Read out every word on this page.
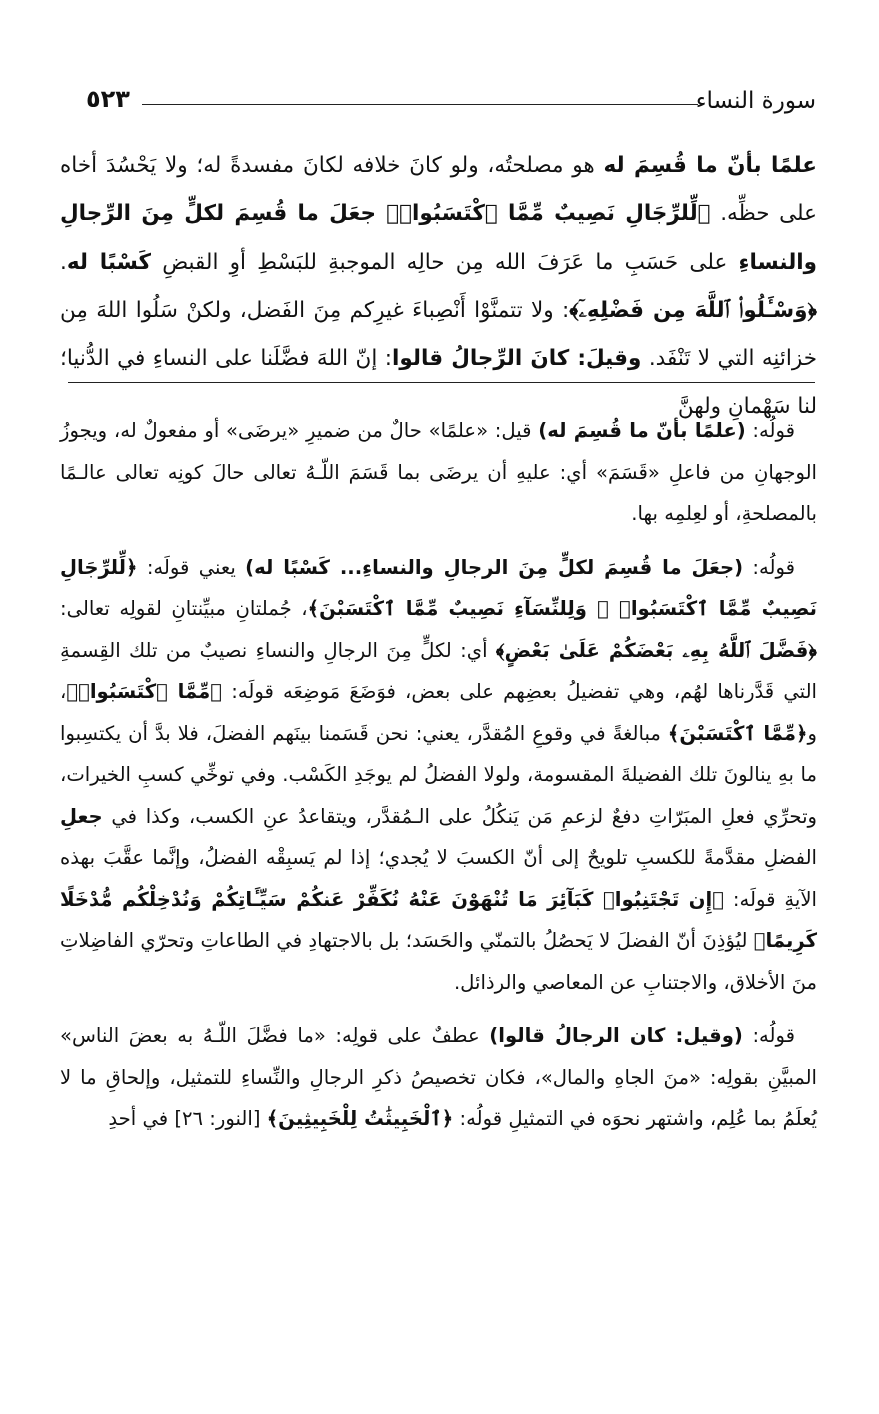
سورة النساء
٥٢٣

علمًا بأنّ ما قُسِمَ له هو مصلحتُه، ولو كانَ خلافه لكانَ مفسدةً له؛ ولا يَحْسُدَ أخاه على حظِّه. ﴿لِّلرِّجَالِ نَصِيبٌ مِّمَّا ٱكْتَسَبُوا۟﴾ جعَلَ ما قُسِمَ لكلٍّ مِنَ الرِّجالِ والنساءِ على حَسَبِ ما عَرَفَ الله مِن حالِه الموجبةِ للبَسْطِ أوِ القبضِ كَسْبًا له. ﴿وَسْـَٔلُوا۟ ٱللَّهَ مِن فَضْلِهِۦٓ﴾: ولا تتمنَّوْا أَنْصِباءَ غيرِكم مِنَ الفَضل، ولكنْ سَلُوا اللهَ مِن خزائنِه التي لا تَنْفَد. وقيلَ: كانَ الرِّجالُ قالوا: إنّ اللهَ فضَّلَنا على النساءِ في الدُّنيا؛ لنا سَهْمانِ ولهنَّ

قولُه: (علمًا بأنّ ما قُسِمَ له) قيل: «علمًا» حالٌ من ضميرِ «يرضَى» أو مفعولٌ له، ويجوزُ الوجهانِ من فاعلِ «قَسَمَ» أي: عليهِ أن يرضَى بما قَسَمَ اللّـهُ تعالى حالَ كونِه تعالى عالـمًا بالمصلحةِ، أو لعِلمِه بها.

قولُه: (جعَلَ ما قُسِمَ لكلٍّ مِنَ الرجالِ والنساءِ... كَسْبًا له) يعني قولَه: ﴿لِّلرِّجَالِ نَصِيبٌ مِّمَّا ٱكْتَسَبُوا۟ ۖ وَلِلنِّسَآءِ نَصِيبٌ مِّمَّا ٱكْتَسَبْنَ﴾، جُملتانِ مبيِّنتانِ لقولِه تعالى: ﴿فَضَّلَ ٱللَّهُ بِهِۦ بَعْضَكُمْ عَلَىٰ بَعْضٍ﴾ أي: لكلٍّ مِنَ الرجالِ والنساءِ نصيبٌ من تلك القِسمةِ التي قَدَّرناها لهُم، وهي تفضيلُ بعضِهم على بعض، فوَضَعَ مَوضِعَه قولَه: ﴿مِّمَّا ٱكْتَسَبُوا۟﴾، و﴿مِّمَّا ٱكْتَسَبْنَ﴾ مبالغةً في وقوعِ المُقدَّر، يعني: نحن قَسَمنا بينَهم الفضلَ، فلا بدَّ أن يكتسِبوا ما بهِ ينالونَ تلك الفضيلةَ المقسومة، ولولا الفضلُ لم يوجَدِ الكَسْب. وفي توخِّي كسبِ الخيرات، وتحرِّي فعلِ المبَرّاتِ دفعٌ لزعمِ مَن يَنكُلُ على الـمُقدَّر، ويتقاعدُ عنِ الكسب، وكذا في جعلِ الفضلِ مقدَّمةً للكسبِ تلويحٌ إلى أنّ الكسبَ لا يُجدي؛ إذا لم يَسبِقْه الفضلُ، وإنَّما عقَّبَ بهذه الآيةِ قولَه: ﴿إِن تَجْتَنِبُوا۟ كَبَآئِرَ مَا تُنْهَوْنَ عَنْهُ نُكَفِّرْ عَنكُمْ سَيِّـَٔاتِكُمْ وَنُدْخِلْكُم مُّدْخَلًا كَرِيمًا﴾ ليُؤذِنَ أنّ الفضلَ لا يَحصُلُ بالتمنّي والحَسَد؛ بل بالاجتهادِ في الطاعاتِ وتحرّي الفاضِلاتِ منَ الأخلاق، والاجتنابِ عن المعاصي والرذائل.

قولُه: (وقيل: كان الرجالُ قالوا) عطفٌ على قولِه: «ما فضَّلَ اللّـهُ به بعضَ الناس» المبيَّنِ بقولِه: «منَ الجاهِ والمال»، فكان تخصيصُ ذكرِ الرجالِ والنِّساءِ للتمثيل، وإلحاقِ ما لا يُعلَمُ بما عُلِم، واشتهر نحوَه في التمثيلِ قولُه: ﴿ٱلْخَبِيثَٰتُ لِلْخَبِيثِينَ﴾ [النور: ٢٦] في أحدِ
